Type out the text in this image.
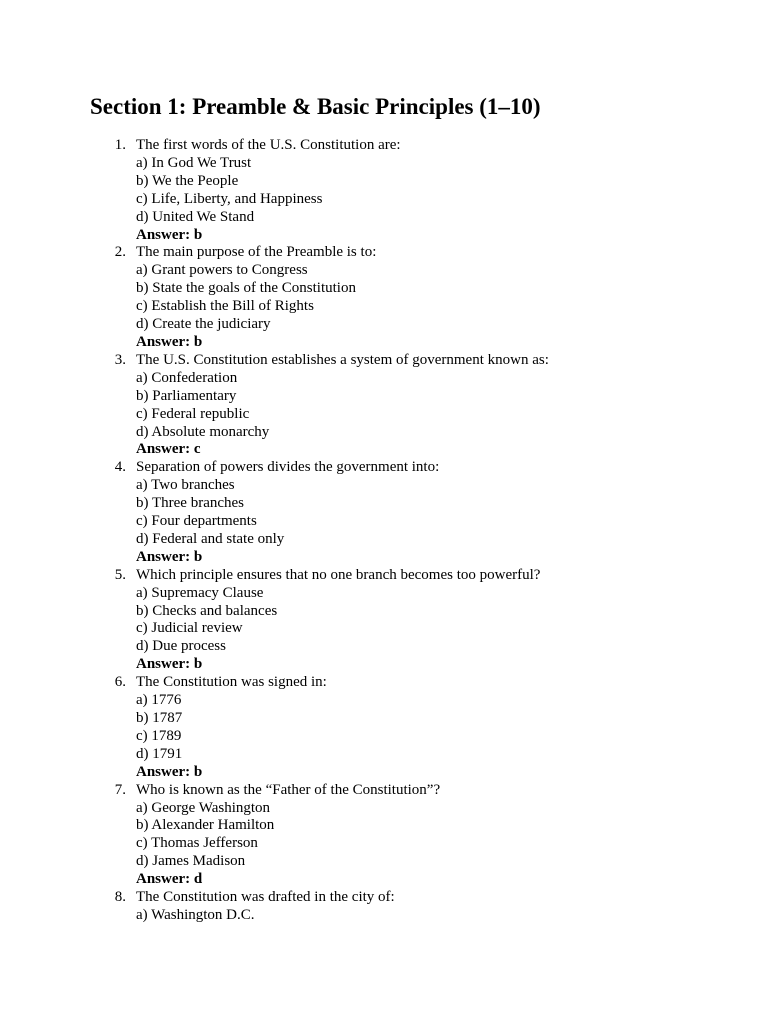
Section 1: Preamble & Basic Principles (1–10)
1. The first words of the U.S. Constitution are:
a) In God We Trust
b) We the People
c) Life, Liberty, and Happiness
d) United We Stand
Answer: b
2. The main purpose of the Preamble is to:
a) Grant powers to Congress
b) State the goals of the Constitution
c) Establish the Bill of Rights
d) Create the judiciary
Answer: b
3. The U.S. Constitution establishes a system of government known as:
a) Confederation
b) Parliamentary
c) Federal republic
d) Absolute monarchy
Answer: c
4. Separation of powers divides the government into:
a) Two branches
b) Three branches
c) Four departments
d) Federal and state only
Answer: b
5. Which principle ensures that no one branch becomes too powerful?
a) Supremacy Clause
b) Checks and balances
c) Judicial review
d) Due process
Answer: b
6. The Constitution was signed in:
a) 1776
b) 1787
c) 1789
d) 1791
Answer: b
7. Who is known as the “Father of the Constitution”?
a) George Washington
b) Alexander Hamilton
c) Thomas Jefferson
d) James Madison
Answer: d
8. The Constitution was drafted in the city of:
a) Washington D.C.
